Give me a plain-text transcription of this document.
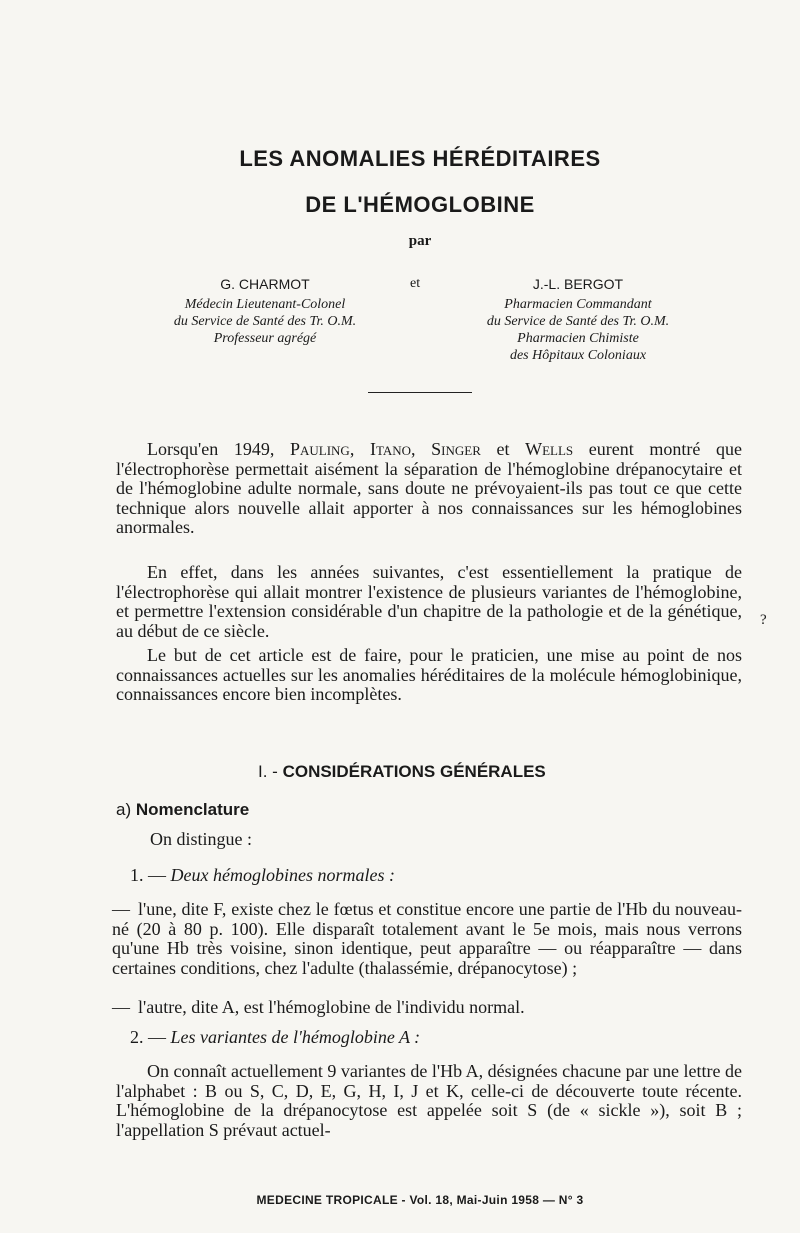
LES ANOMALIES HÉRÉDITAIRES
DE L'HÉMOGLOBINE
par
G. CHARMOT
Médecin Lieutenant-Colonel
du Service de Santé des Tr. O.M.
Professeur agrégé
et	J.-L. BERGOT
Pharmacien Commandant
du Service de Santé des Tr. O.M.
Pharmacien Chimiste
des Hôpitaux Coloniaux

Lorsqu'en 1949, Pauling, Itano, Singer et Wells eurent montré que l'électrophorèse permettait aisément la séparation de l'hémoglobine drépanocytaire et de l'hémoglobine adulte normale, sans doute ne prévoyaient-ils pas tout ce que cette technique alors nouvelle allait apporter à nos connaissances sur les hémoglobines anormales.

En effet, dans les années suivantes, c'est essentiellement la pratique de l'électrophorèse qui allait montrer l'existence de plusieurs variantes de l'hémoglobine, et permettre l'extension considérable d'un chapitre de la pathologie et de la génétique, au début de ce siècle.

Le but de cet article est de faire, pour le praticien, une mise au point de nos connaissances actuelles sur les anomalies héréditaires de la molécule hémoglobinique, connaissances encore bien incomplètes.

I. - CONSIDÉRATIONS GÉNÉRALES
a) Nomenclature
On distingue :
1. — Deux hémoglobines normales :
— l'une, dite F, existe chez le fœtus et constitue encore une partie de l'Hb du nouveau-né (20 à 80 p. 100). Elle disparaît totalement avant le 5e mois, mais nous verrons qu'une Hb très voisine, sinon identique, peut apparaître — ou réapparaître — dans certaines conditions, chez l'adulte (thalassémie, drépanocytose) ;
— l'autre, dite A, est l'hémoglobine de l'individu normal.
2. — Les variantes de l'hémoglobine A :

On connaît actuellement 9 variantes de l'Hb A, désignées chacune par une lettre de l'alphabet : B ou S, C, D, E, G, H, I, J et K, celle-ci de découverte toute récente. L'hémoglobine de la drépanocytose est appelée soit S (de « sickle »), soit B ; l'appellation S prévaut actuel-

?
MEDECINE TROPICALE - Vol. 18, Mai-Juin 1958 — N° 3
